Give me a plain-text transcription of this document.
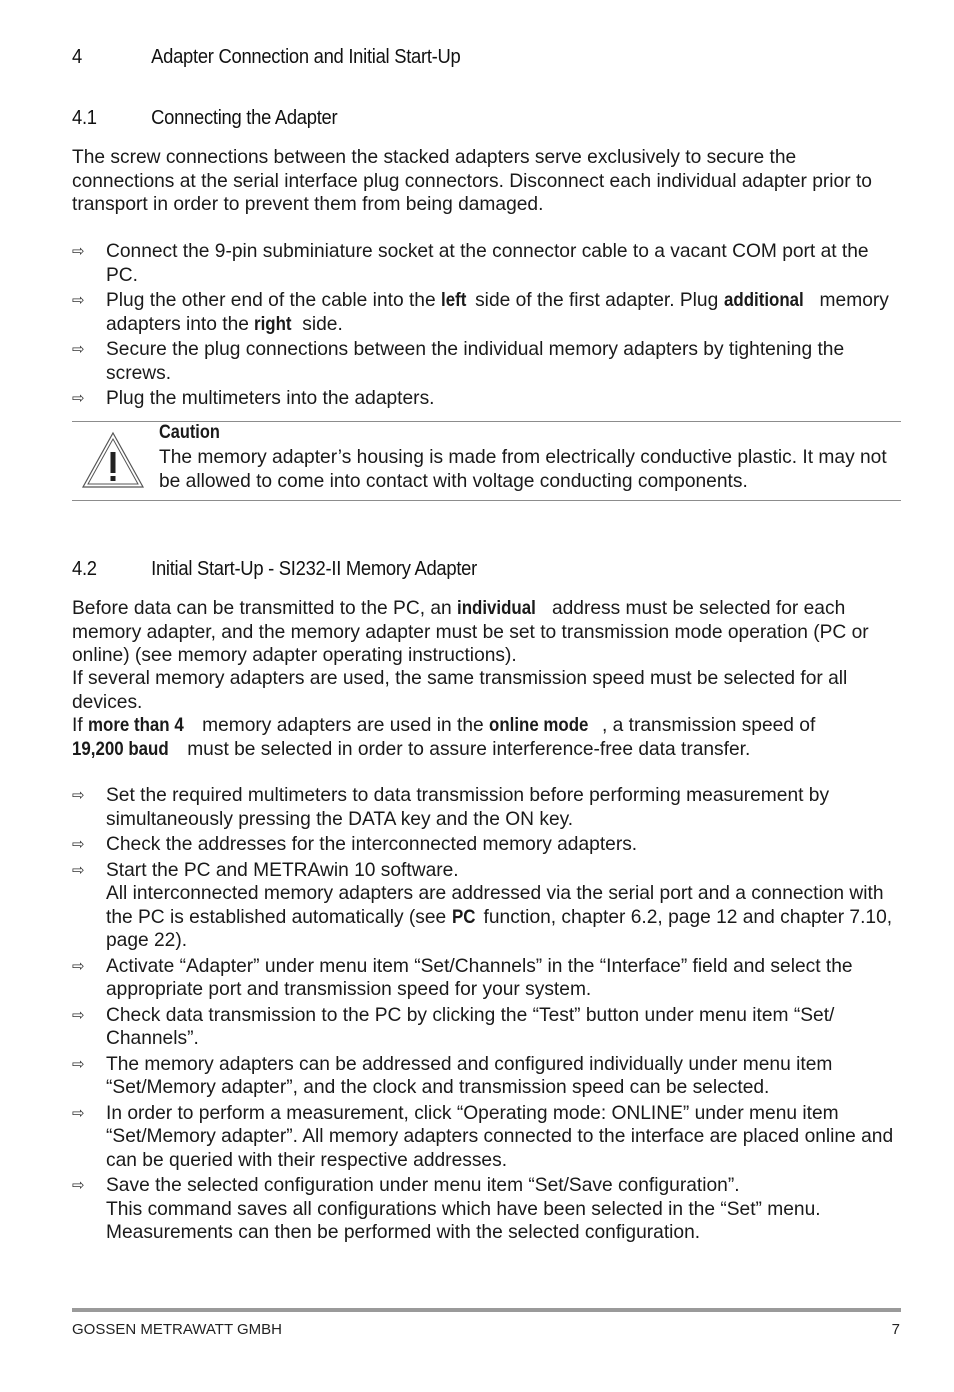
4	Adapter Connection and Initial Start-Up
4.1	Connecting the Adapter

The screw connections between the stacked adapters serve exclusively to secure the connections at the serial interface plug connectors. Disconnect each individual adapter prior to transport in order to prevent them from being damaged.

⇨	Connect the 9-pin subminiature socket at the connector cable to a vacant COM port at the PC.
⇨	Plug the other end of the cable into the left side of the first adapter. Plug additional memory adapters into the right side.
⇨	Secure the plug connections between the individual memory adapters by tightening the screws.
⇨	Plug the multimeters into the adapters.
Caution
The memory adapter’s housing is made from electrically conductive plastic. It may not be allowed to come into contact with voltage conducting components.
4.2	Initial Start-Up - SI232-II Memory Adapter
Before data can be transmitted to the PC, an individual address must be selected for each memory adapter, and the memory adapter must be set to transmission mode operation (PC or online) (see memory adapter operating instructions).
If several memory adapters are used, the same transmission speed must be selected for all devices.
If more than 4 memory adapters are used in the online mode , a transmission speed of 19,200 baud must be selected in order to assure interference-free data transfer.
⇨	Set the required multimeters to data transmission before performing measurement by simultaneously pressing the DATA key and the ON key.
⇨	Check the addresses for the interconnected memory adapters.
⇨	Start the PC and METRAwin 10 software.
All interconnected memory adapters are addressed via the serial port and a connection with the PC is established automatically (see PC function, chapter 6.2, page 12 and chapter 7.10, page 22).
⇨	Activate “Adapter” under menu item “Set/Channels” in the “Interface” field and select the appropriate port and transmission speed for your system.
⇨	Check data transmission to the PC by clicking the “Test” button under menu item “Set/ Channels”.
⇨	The memory adapters can be addressed and configured individually under menu item “Set/Memory adapter”, and the clock and transmission speed can be selected.
⇨	In order to perform a measurement, click “Operating mode: ONLINE” under menu item “Set/Memory adapter”. All memory adapters connected to the interface are placed online and can be queried with their respective addresses.
⇨	Save the selected configuration under menu item “Set/Save configuration”.
This command saves all configurations which have been selected in the “Set” menu. Measurements can then be performed with the selected configuration.
GOSSEN METRAWATT GMBH	7
